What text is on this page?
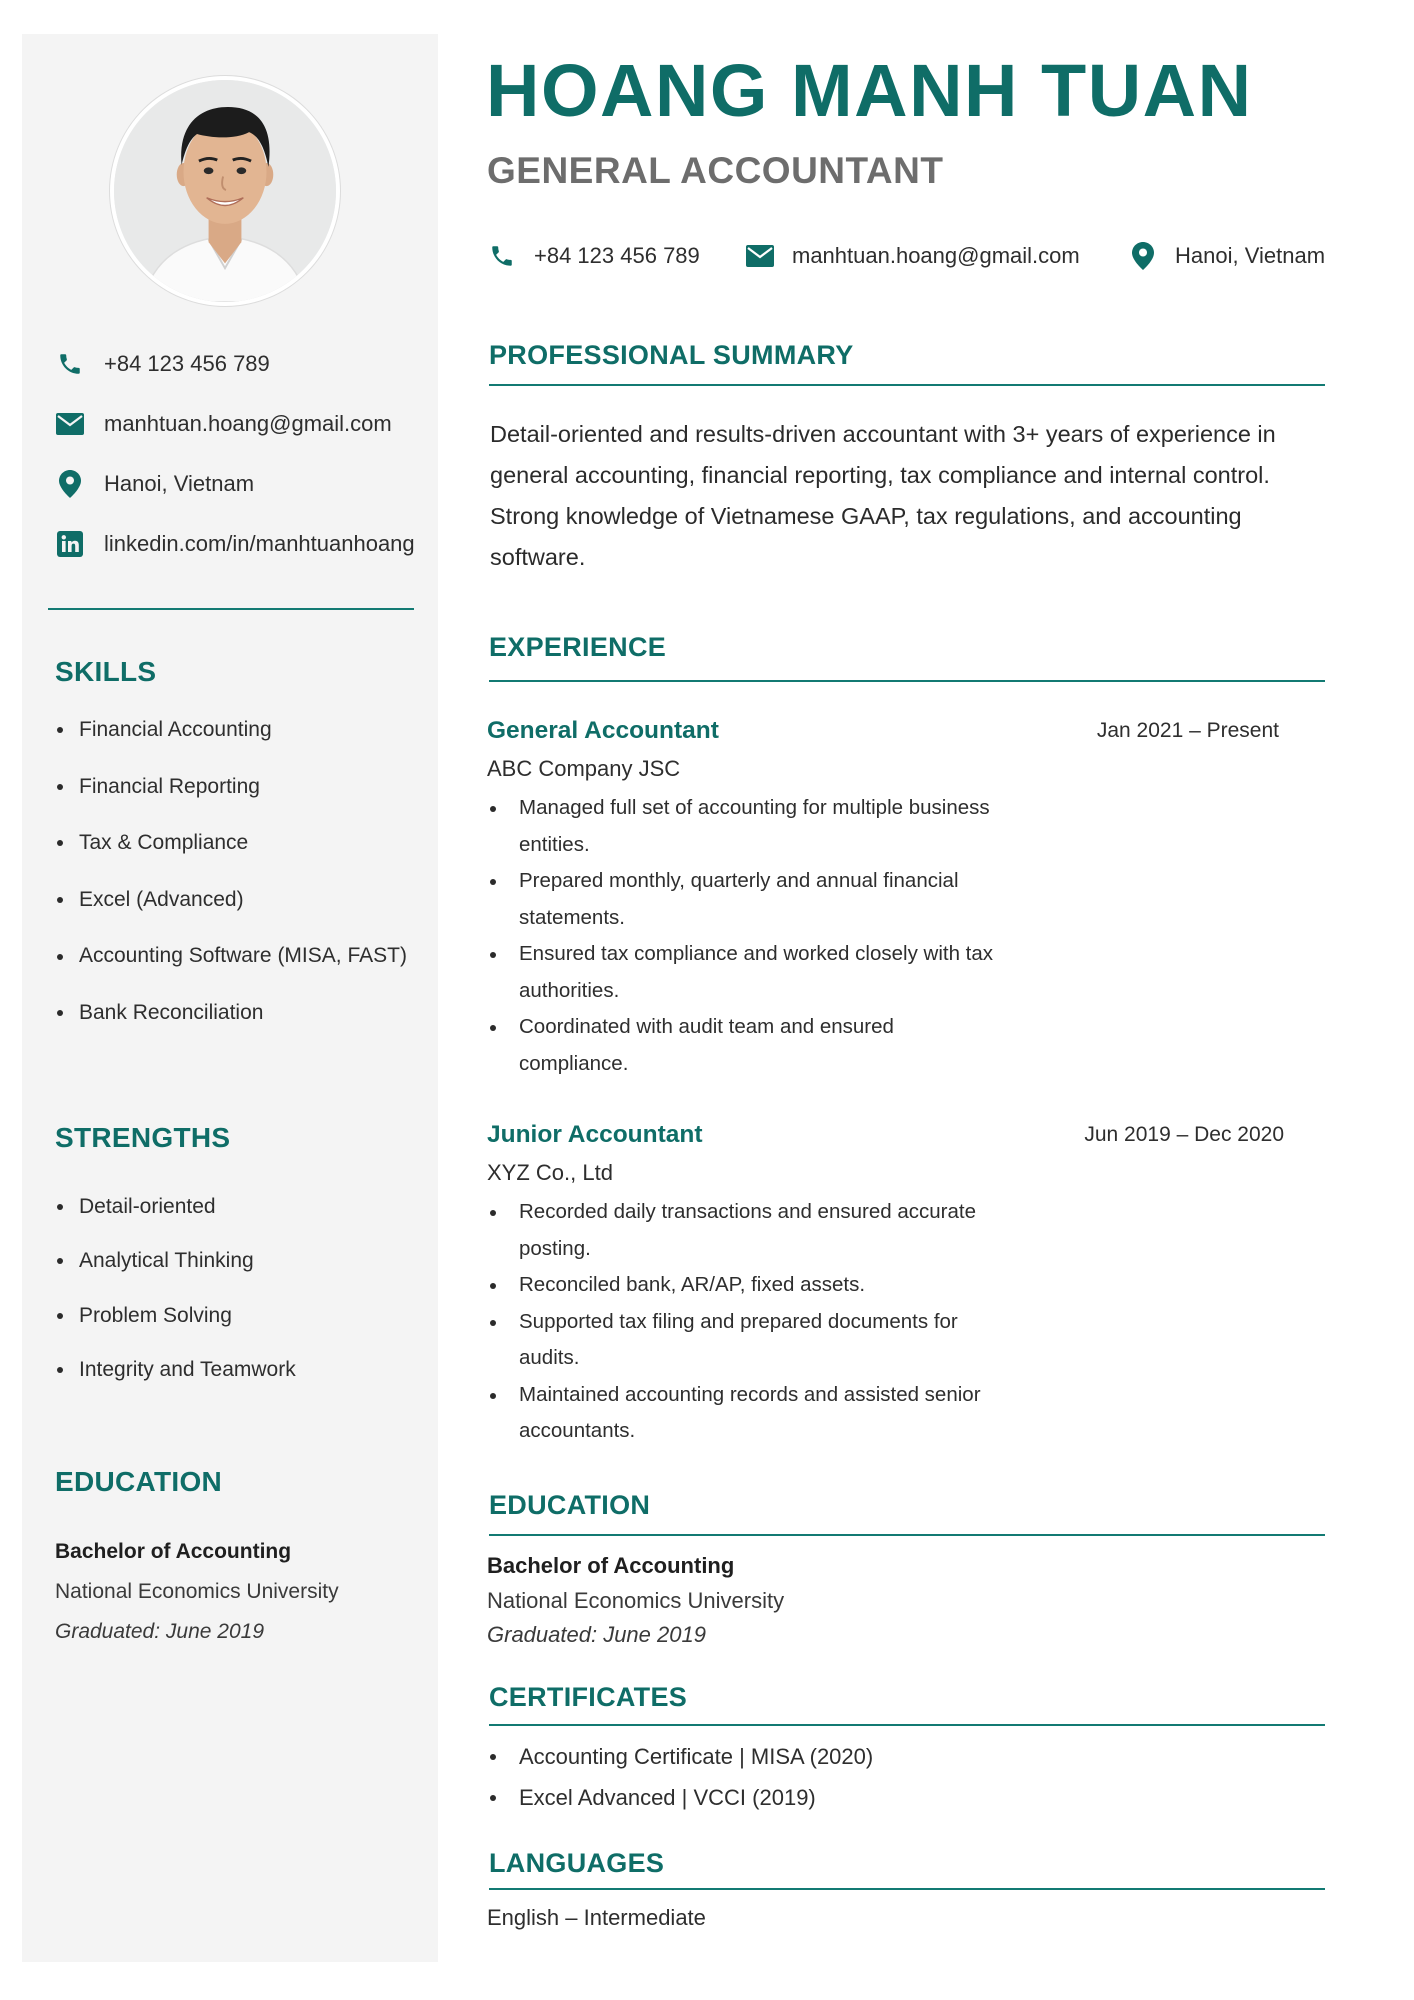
+84 123 456 789
manhtuan.hoang@gmail.com
Hanoi, Vietnam
linkedin.com/in/manhtuanhoang
SKILLS
Financial Accounting
Financial Reporting
Tax & Compliance
Excel (Advanced)
Accounting Software (MISA, FAST)
Bank Reconciliation
STRENGTHS
Detail-oriented
Analytical Thinking
Problem Solving
Integrity and Teamwork
EDUCATION
Bachelor of Accounting
National Economics University
Graduated: June 2019
HOANG MANH TUAN
GENERAL ACCOUNTANT
+84 123 456 789	manhtuan.hoang@gmail.com	Hanoi, Vietnam
PROFESSIONAL SUMMARY
Detail-oriented and results-driven accountant with 3+ years of experience in general accounting, financial reporting, tax compliance and internal control. Strong knowledge of Vietnamese GAAP, tax regulations, and accounting software.
EXPERIENCE
General Accountant	Jan 2021 – Present
ABC Company JSC
Managed full set of accounting for multiple business entities.
Prepared monthly, quarterly and annual financial statements.
Ensured tax compliance and worked closely with tax authorities.
Coordinated with audit team and ensured compliance.
Junior Accountant	Jun 2019 – Dec 2020
XYZ Co., Ltd
Recorded daily transactions and ensured accurate posting.
Reconciled bank, AR/AP, fixed assets.
Supported tax filing and prepared documents for audits.
Maintained accounting records and assisted senior accountants.
EDUCATION
Bachelor of Accounting
National Economics University
Graduated: June 2019
CERTIFICATES
Accounting Certificate | MISA (2020)
Excel Advanced | VCCI (2019)
LANGUAGES
English – Intermediate
